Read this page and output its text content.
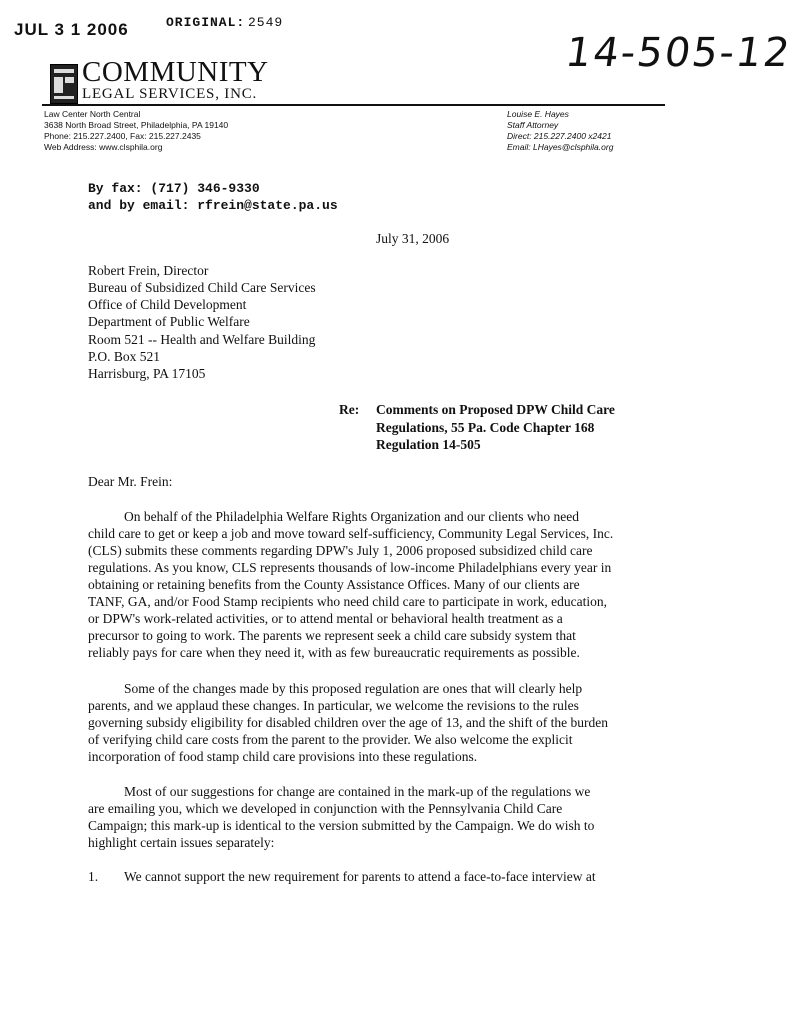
JUL 3 1 2006	ORIGINAL: 2549
14-505-12
COMMUNITY
LEGAL SERVICES, INC.
Law Center North Central
3638 North Broad Street, Philadelphia, PA 19140
Phone: 215.227.2400, Fax: 215.227.2435
Web Address: www.clsphila.org
Louise E. Hayes
Staff Attorney
Direct: 215.227.2400 x2421
Email: LHayes@clsphila.org
By fax: (717) 346-9330
and by email: rfrein@state.pa.us
July 31, 2006
Robert Frein, Director
Bureau of Subsidized Child Care Services
Office of Child Development
Department of Public Welfare
Room 521 -- Health and Welfare Building
P.O. Box 521
Harrisburg, PA 17105
Re: Comments on Proposed DPW Child Care
Regulations, 55 Pa. Code Chapter 168
Regulation 14-505
Dear Mr. Frein:
On behalf of the Philadelphia Welfare Rights Organization and our clients who need
child care to get or keep a job and move toward self-sufficiency, Community Legal Services, Inc.
(CLS) submits these comments regarding DPW's July 1, 2006 proposed subsidized child care
regulations. As you know, CLS represents thousands of low-income Philadelphians every year in
obtaining or retaining benefits from the County Assistance Offices. Many of our clients are
TANF, GA, and/or Food Stamp recipients who need child care to participate in work, education,
or DPW's work-related activities, or to attend mental or behavioral health treatment as a
precursor to going to work. The parents we represent seek a child care subsidy system that
reliably pays for care when they need it, with as few bureaucratic requirements as possible.
Some of the changes made by this proposed regulation are ones that will clearly help
parents, and we applaud these changes. In particular, we welcome the revisions to the rules
governing subsidy eligibility for disabled children over the age of 13, and the shift of the burden
of verifying child care costs from the parent to the provider. We also welcome the explicit
incorporation of food stamp child care provisions into these regulations.
Most of our suggestions for change are contained in the mark-up of the regulations we
are emailing you, which we developed in conjunction with the Pennsylvania Child Care
Campaign; this mark-up is identical to the version submitted by the Campaign. We do wish to
highlight certain issues separately:
1. We cannot support the new requirement for parents to attend a face-to-face interview at
